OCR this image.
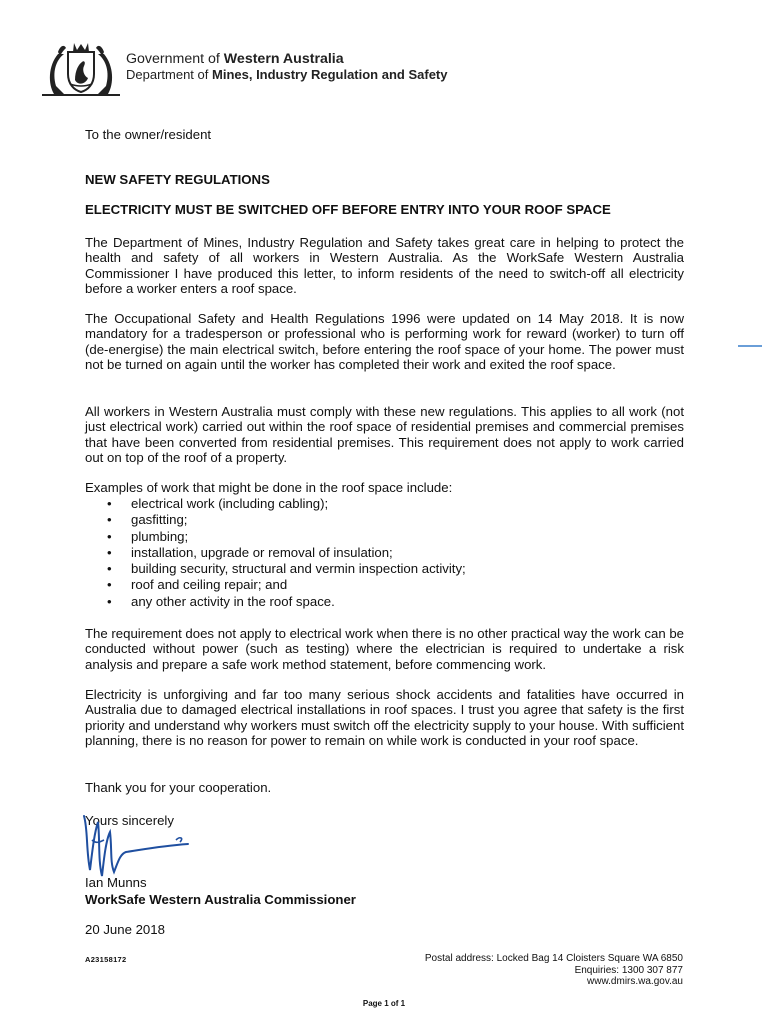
Government of Western Australia
Department of Mines, Industry Regulation and Safety

To the owner/resident

NEW SAFETY REGULATIONS

ELECTRICITY MUST BE SWITCHED OFF BEFORE ENTRY INTO YOUR ROOF SPACE

The Department of Mines, Industry Regulation and Safety takes great care in helping to protect the health and safety of all workers in Western Australia. As the WorkSafe Western Australia Commissioner I have produced this letter, to inform residents of the need to switch-off all electricity before a worker enters a roof space.

The Occupational Safety and Health Regulations 1996 were updated on 14 May 2018. It is now mandatory for a tradesperson or professional who is performing work for reward (worker) to turn off (de-energise) the main electrical switch, before entering the roof space of your home. The power must not be turned on again until the worker has completed their work and exited the roof space.

All workers in Western Australia must comply with these new regulations. This applies to all work (not just electrical work) carried out within the roof space of residential premises and commercial premises that have been converted from residential premises. This requirement does not apply to work carried out on top of the roof of a property.

Examples of work that might be done in the roof space include:

• electrical work (including cabling);
• gasfitting;
• plumbing;
• installation, upgrade or removal of insulation;
• building security, structural and vermin inspection activity;
• roof and ceiling repair; and
• any other activity in the roof space.

The requirement does not apply to electrical work when there is no other practical way the work can be conducted without power (such as testing) where the electrician is required to undertake a risk analysis and prepare a safe work method statement, before commencing work.

Electricity is unforgiving and far too many serious shock accidents and fatalities have occurred in Australia due to damaged electrical installations in roof spaces. I trust you agree that safety is the first priority and understand why workers must switch off the electricity supply to your house. With sufficient planning, there is no reason for power to remain on while work is conducted in your roof space.

Thank you for your cooperation.

Yours sincerely

Ian Munns

WorkSafe Western Australia Commissioner

20 June 2018

A23158172	Postal address: Locked Bag 14 Cloisters Square WA 6850
Enquiries: 1300 307 877
www.dmirs.wa.gov.au
Page 1 of 1
